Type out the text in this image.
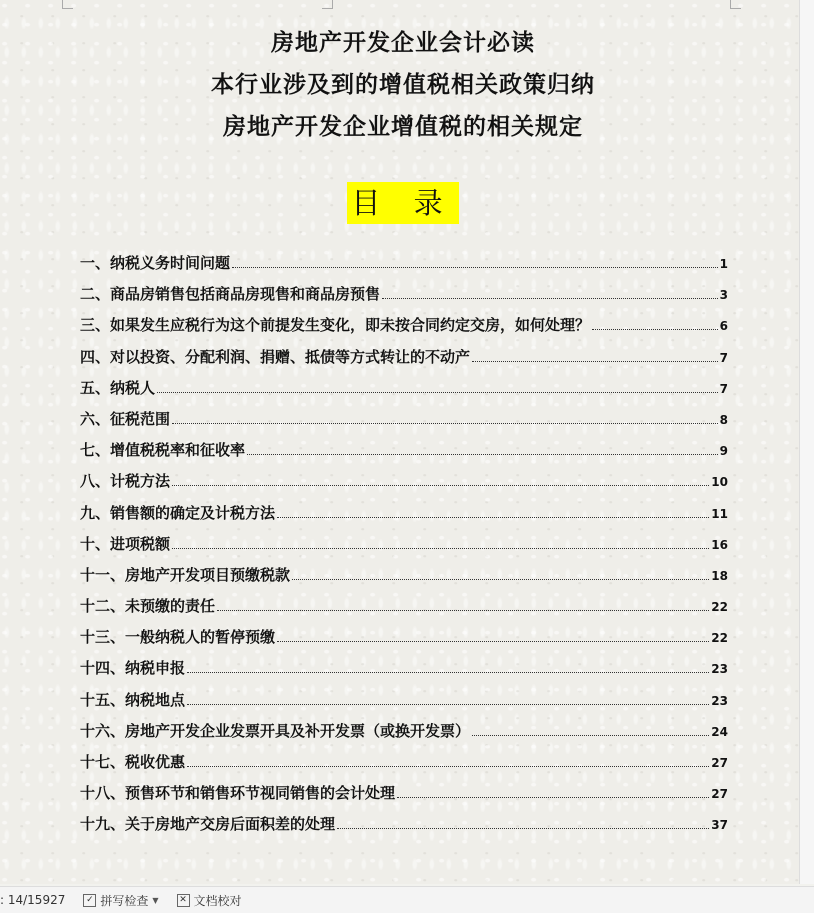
房地产开发企业会计必读
本行业涉及到的增值税相关政策归纳
房地产开发企业增值税的相关规定
目 录
一、纳税义务时间问题	1
二、商品房销售包括商品房现售和商品房预售	3
三、如果发生应税行为这个前提发生变化，即未按合同约定交房，如何处理？	6
四、对以投资、分配利润、捐赠、抵债等方式转让的不动产	7
五、纳税人	7
六、征税范围	8
七、增值税税率和征收率	9
八、计税方法	10
九、销售额的确定及计税方法	11
十、进项税额	16
十一、房地产开发项目预缴税款	18
十二、未预缴的责任	22
十三、一般纳税人的暂停预缴	22
十四、纳税申报	23
十五、纳税地点	23
十六、房地产开发企业发票开具及补开发票（或换开发票）	24
十七、税收优惠	27
十八、预售环节和销售环节视同销售的会计处理	27
十九、关于房地产交房后面积差的处理	37
: 14/15927	✓ 拼写检查 ▼	✕ 文档校对
